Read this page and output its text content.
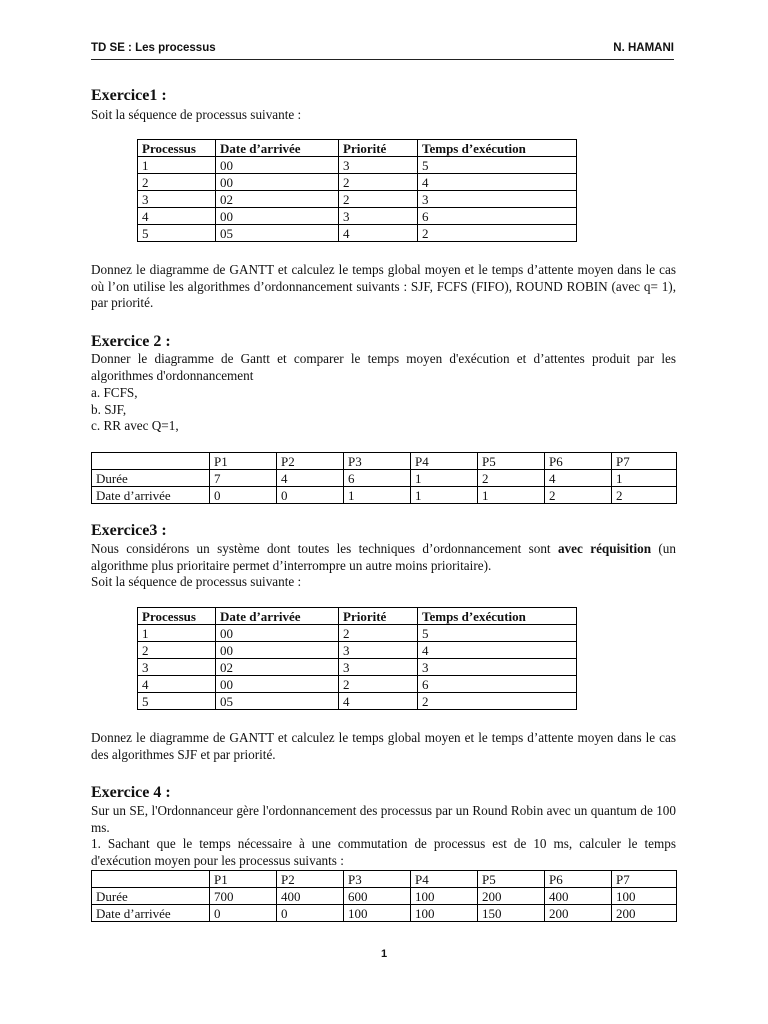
TD SE : Les processus	N. HAMANI
Exercice1 :

Soit la séquence de processus suivante :

Processus	Date d’arrivée	Priorité	Temps d’exécution
1	00	3	5
2	00	2	4
3	02	2	3
4	00	3	6
5	05	4	2

Donnez le diagramme de GANTT et calculez le temps global moyen et le temps d’attente moyen dans le cas où l’on utilise les algorithmes d’ordonnancement suivants : SJF, FCFS (FIFO), ROUND ROBIN (avec q= 1), par priorité.

Exercice 2 :

Donner le diagramme de Gantt et comparer le temps moyen d'exécution et d’attentes produit par les algorithmes d'ordonnancement

a. FCFS,
b. SJF,
c. RR avec Q=1,

	P1	P2	P3	P4	P5	P6	P7
Durée	7	4	6	1	2	4	1
Date d’arrivée	0	0	1	1	1	2	2
Exercice3 :

Nous considérons un système dont toutes les techniques d’ordonnancement sont avec réquisition (un algorithme plus prioritaire permet d’interrompre un autre moins prioritaire).

Soit la séquence de processus suivante :

Processus	Date d’arrivée	Priorité	Temps d’exécution
1	00	2	5
2	00	3	4
3	02	3	3
4	00	2	6
5	05	4	2

Donnez le diagramme de GANTT et calculez le temps global moyen et le temps d’attente moyen dans le cas des algorithmes SJF et par priorité.

Exercice 4 :

Sur un SE, l'Ordonnanceur gère l'ordonnancement des processus par un Round Robin avec un quantum de 100 ms.

1. Sachant que le temps nécessaire à une commutation de processus est de 10 ms, calculer le temps d'exécution moyen pour les processus suivants :

	P1	P2	P3	P4	P5	P6	P7
Durée	700	400	600	100	200	400	100
Date d’arrivée	0	0	100	100	150	200	200
1
